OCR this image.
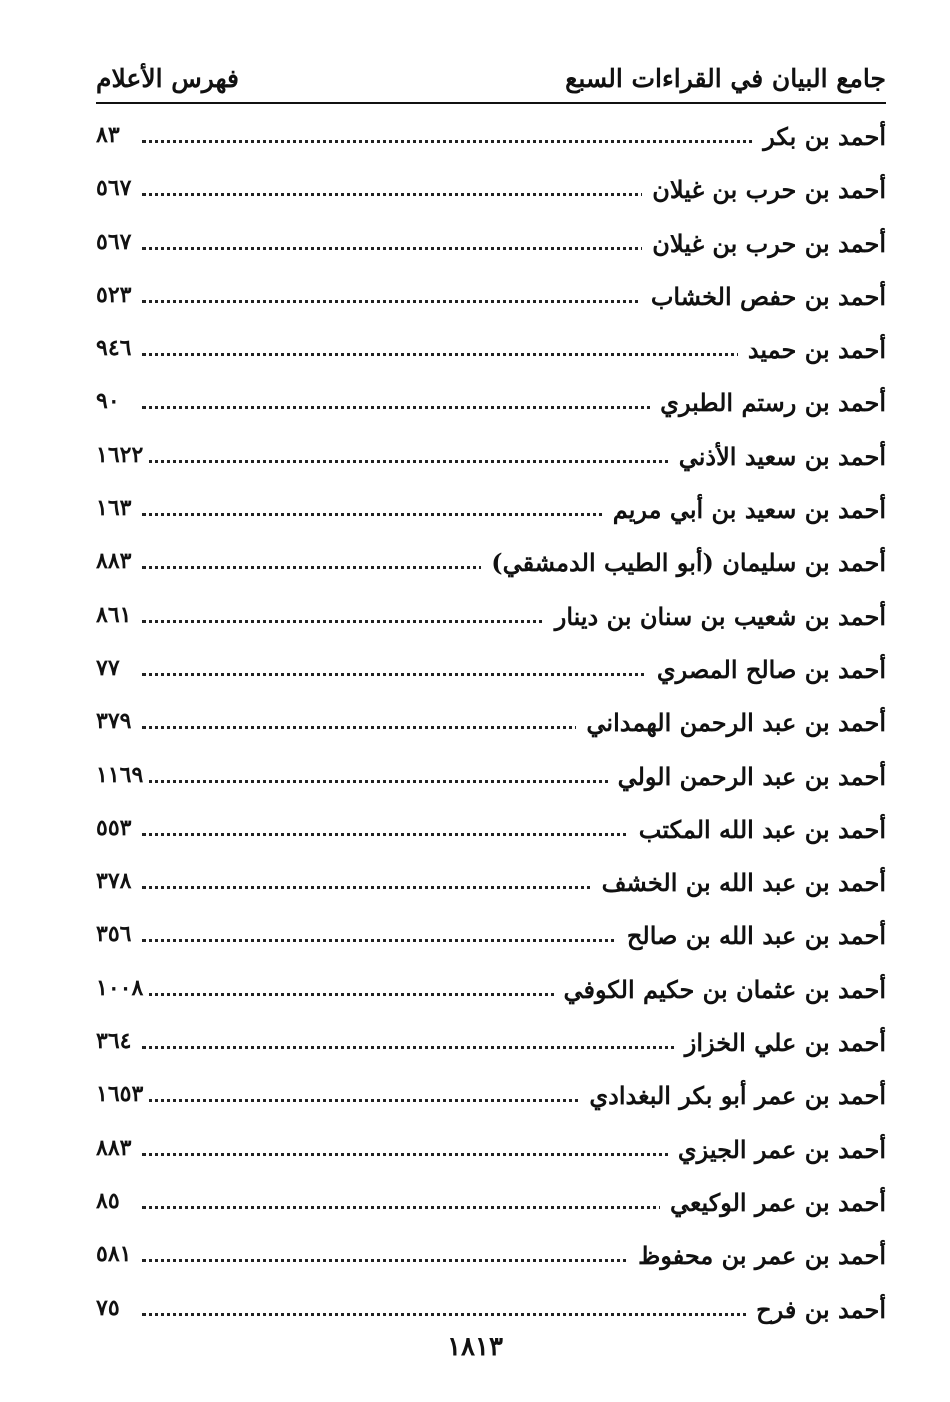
جامع البيان في القراءات السبع
فهرس الأعلام
أحمد بن بكر
٨٣
أحمد بن حرب بن غيلان
٥٦٧
أحمد بن حرب بن غيلان
٥٦٧
أحمد بن حفص الخشاب
٥٢٣
أحمد بن حميد
٩٤٦
أحمد بن رستم الطبري
٩٠
أحمد بن سعيد الأذني
١٦٢٢
أحمد بن سعيد بن أبي مريم
١٦٣
أحمد بن سليمان (أبو الطيب الدمشقي)
٨٨٣
أحمد بن شعيب بن سنان بن دينار
٨٦١
أحمد بن صالح المصري
٧٧
أحمد بن عبد الرحمن الهمداني
٣٧٩
أحمد بن عبد الرحمن الولي
١١٦٩
أحمد بن عبد الله المكتب
٥٥٣
أحمد بن عبد الله بن الخشف
٣٧٨
أحمد بن عبد الله بن صالح
٣٥٦
أحمد بن عثمان بن حكيم الكوفي
١٠٠٨
أحمد بن علي الخزاز
٣٦٤
أحمد بن عمر أبو بكر البغدادي
١٦٥٣
أحمد بن عمر الجيزي
٨٨٣
أحمد بن عمر الوكيعي
٨٥
أحمد بن عمر بن محفوظ
٥٨١
أحمد بن فرح
٧٥
١٨١٣
